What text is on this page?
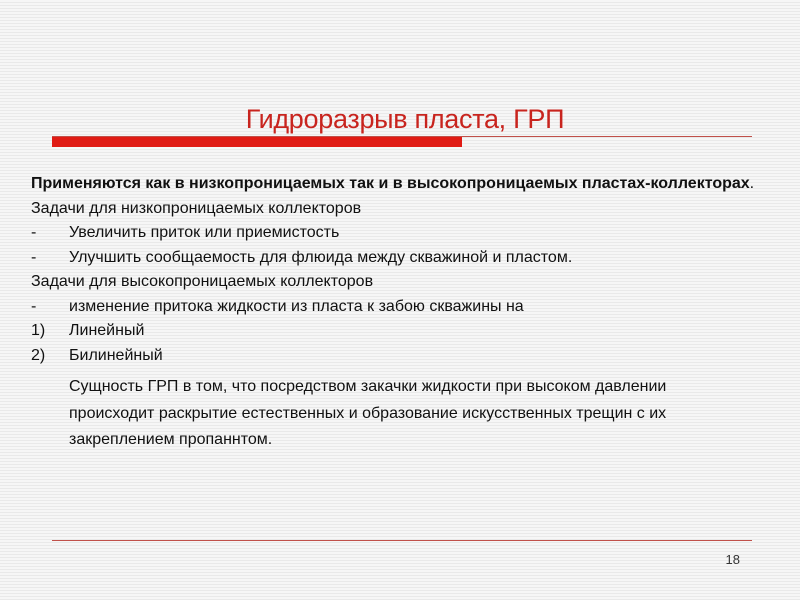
Гидроразрыв пласта, ГРП
Применяются как в низкопроницаемых так и в высокопроницаемых пластах-коллекторах.
Задачи для низкопроницаемых коллекторов
- Увеличить приток или приемистость
- Улучшить сообщаемость для флюида между скважиной и пластом.
Задачи для высокопроницаемых коллекторов
- изменение притока жидкости из пласта к забою скважины на
1) Линейный
2) Билинейный
Сущность ГРП в том, что посредством закачки жидкости при высоком давлении происходит раскрытие естественных и образование искусственных трещин с их закреплением пропаннтом.
18
